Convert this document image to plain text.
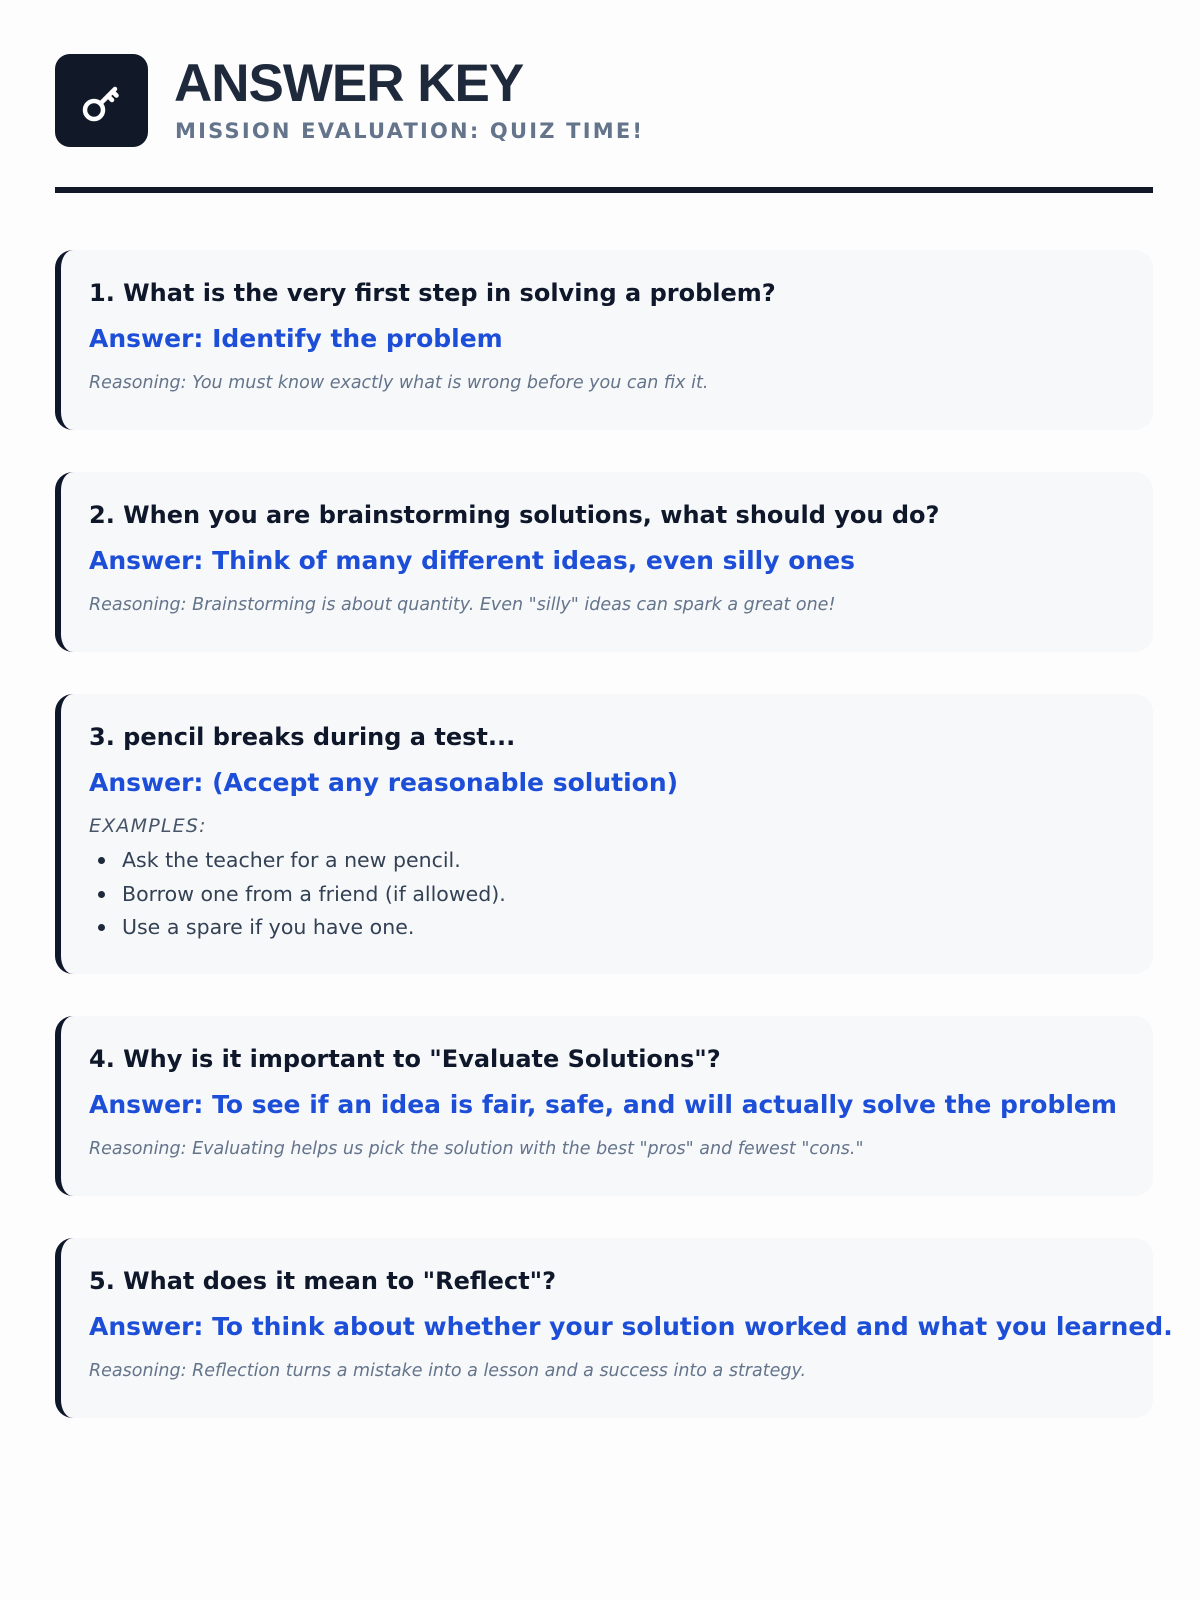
ANSWER KEY
MISSION EVALUATION: QUIZ TIME!
1. What is the very first step in solving a problem?
Answer: Identify the problem
Reasoning: You must know exactly what is wrong before you can fix it.
2. When you are brainstorming solutions, what should you do?
Answer: Think of many different ideas, even silly ones
Reasoning: Brainstorming is about quantity. Even "silly" ideas can spark a great one!
3. pencil breaks during a test...
Answer: (Accept any reasonable solution)
EXAMPLES:
Ask the teacher for a new pencil.
Borrow one from a friend (if allowed).
Use a spare if you have one.
4. Why is it important to "Evaluate Solutions"?
Answer: To see if an idea is fair, safe, and will actually solve the problem
Reasoning: Evaluating helps us pick the solution with the best "pros" and fewest "cons."
5. What does it mean to "Reflect"?
Answer: To think about whether your solution worked and what you learned.
Reasoning: Reflection turns a mistake into a lesson and a success into a strategy.
